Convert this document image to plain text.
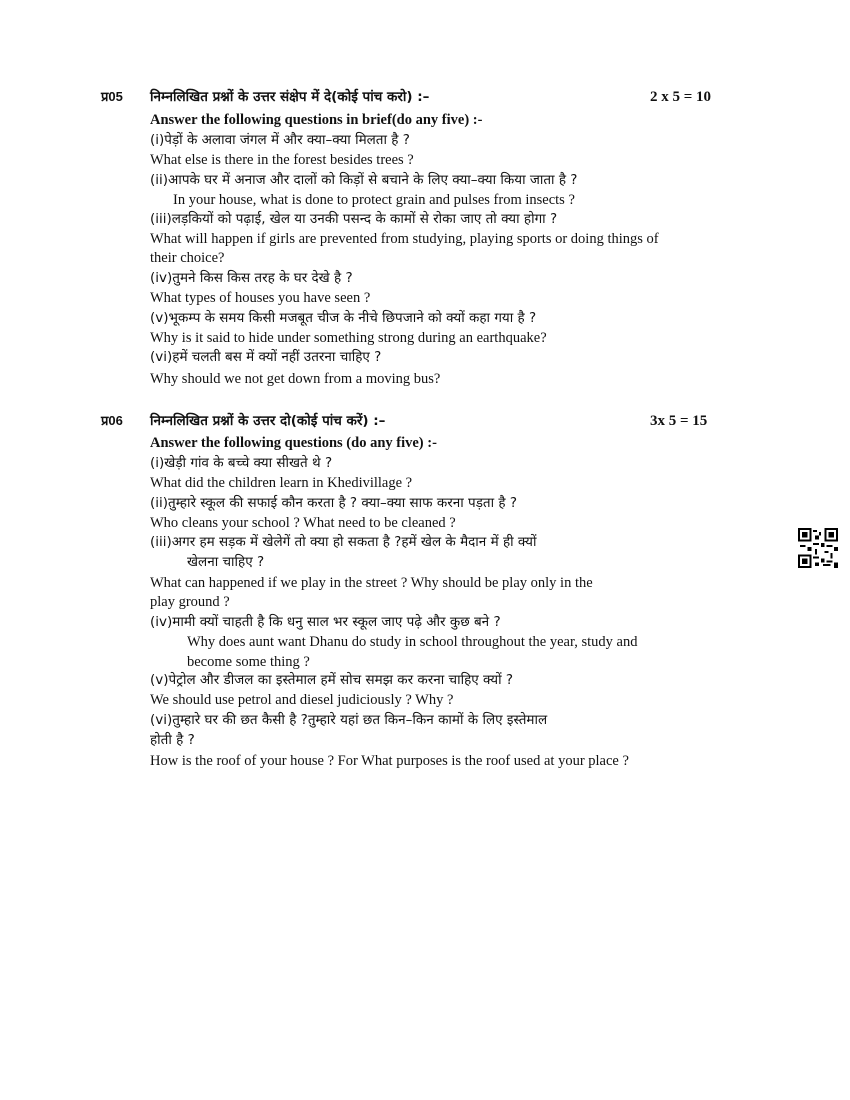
प्र05 निम्नलिखित प्रश्नों के उत्तर संक्षेप में दे(कोई पांच करो) :–	2 x 5 = 10
Answer the following questions in brief(do any five) :-
(i)पेड़ों के अलावा जंगल में और क्या–क्या मिलता है ?
What else is there in the forest besides trees ?
(ii)आपके घर में अनाज और दालों को किड़ों से बचाने के लिए क्या–क्या किया जाता है ?
In your house, what is done to protect grain and pulses from insects ?
(iii)लड़कियों को पढ़ाई, खेल या उनकी पसन्द के कामों से रोका जाए तो क्या होगा ?
What will happen if girls are prevented from studying, playing sports or doing things of
their choice?
(iv)तुमने किस किस तरह के घर देखे है ?
What types of houses you have seen ?
(v)भूकम्प के समय किसी मजबूत चीज के नीचे छिपजाने को क्यों कहा गया है ?
Why is it said to hide under something strong during an earthquake?
(vi)हमें चलती बस में क्यों नहीं उतरना चाहिए ?
Why should we not get down from a moving bus?
प्र06 निम्नलिखित प्रश्नों के उत्तर दो(कोई पांच करें) :–	3x 5 = 15
Answer the following questions (do any five) :-
(i)खेड़ी गांव के बच्चे क्या सीखते थे ?
What did the children learn in Khedivillage ?
(ii)तुम्हारे स्कूल की सफाई कौन करता है ? क्या–क्या साफ करना पड़ता है ?
Who cleans your school ? What need to be cleaned ?
(iii)अगर हम सड़क में खेलेगें तो क्या हो सकता है ?हमें खेल के मैदान में ही क्यों
खेलना चाहिए ?
What can happened if we play in the street ? Why should be play only in the
play ground ?
(iv)मामी क्यों चाहती है कि धनु साल भर स्कूल जाए पढ़े और कुछ बने ?
Why does aunt want Dhanu do study in school throughout the year, study and
become some thing ?
(v)पेट्रोल और डीजल का इस्तेमाल हमें सोच समझ कर करना चाहिए क्यों ?
We should use petrol and diesel judiciously ? Why ?
(vi)तुम्हारे घर की छत कैसी है ?तुम्हारे यहां छत किन–किन कामों के लिए इस्तेमाल
होती है ?
How is the roof of your house ? For What purposes is the roof used at your place ?
